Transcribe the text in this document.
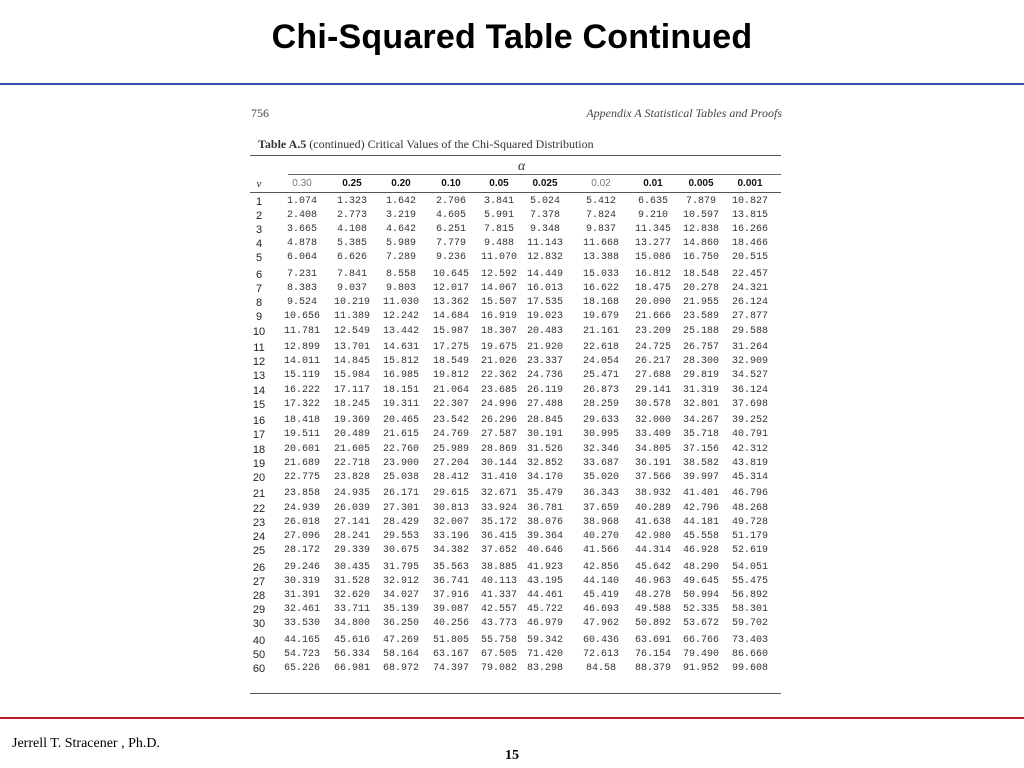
Chi-Squared Table Continued
756	Appendix A Statistical Tables and Proofs
Table A.5 (continued) Critical Values of the Chi-Squared Distribution
α
v	0.30	0.25	0.20	0.10	0.05	0.025	0.02	0.01	0.005	0.001
1	1.074	1.323	1.642	2.706	3.841	5.024	5.412	6.635	7.879	10.827
2	2.408	2.773	3.219	4.605	5.991	7.378	7.824	9.210	10.597	13.815
3	3.665	4.108	4.642	6.251	7.815	9.348	9.837	11.345	12.838	16.266
4	4.878	5.385	5.989	7.779	9.488	11.143	11.668	13.277	14.860	18.466
5	6.064	6.626	7.289	9.236	11.070 12.832	13.388	15.086	16.750	20.515
6	7.231	7.841	8.558	10.645	12.592 14.449	15.033	16.812	18.548	22.457
7	8.383	9.037	9.803	12.017	14.067 16.013	16.622	18.475	20.278	24.321
8	9.524	10.219	11.030	13.362	15.507 17.535	18.168	20.090	21.955	26.124
9	10.656	11.389	12.242	14.684	16.919 19.023	19.679	21.666	23.589	27.877
10	11.781	12.549	13.442	15.987	18.307 20.483	21.161	23.209	25.188	29.588
11	12.899	13.701	14.631	17.275	19.675 21.920	22.618	24.725	26.757	31.264
12	14.011	14.845	15.812	18.549	21.026 23.337	24.054	26.217	28.300	32.909
13	15.119	15.984	16.985	19.812	22.362 24.736	25.471	27.688	29.819	34.527
14	16.222	17.117	18.151	21.064	23.685 26.119	26.873	29.141	31.319	36.124
15	17.322	18.245	19.311	22.307	24.996 27.488	28.259	30.578	32.801	37.698
16	18.418	19.369	20.465	23.542	26.296 28.845	29.633	32.000	34.267	39.252
17	19.511	20.489	21.615	24.769	27.587 30.191	30.995	33.409	35.718	40.791
18	20.601	21.605	22.760	25.989	28.869 31.526	32.346	34.805	37.156	42.312
19	21.689	22.718	23.900	27.204	30.144 32.852	33.687	36.191	38.582	43.819
20	22.775	23.828	25.038	28.412	31.410 34.170	35.020	37.566	39.997	45.314
21	23.858	24.935	26.171	29.615	32.671 35.479	36.343	38.932	41.401	46.796
22	24.939	26.039	27.301	30.813	33.924 36.781	37.659	40.289	42.796	48.268
23	26.018	27.141	28.429	32.007	35.172 38.076	38.968	41.638	44.181	49.728
24	27.096	28.241	29.553	33.196	36.415 39.364	40.270	42.980	45.558	51.179
25	28.172	29.339	30.675	34.382	37.652 40.646	41.566	44.314	46.928	52.619
26	29.246	30.435	31.795	35.563	38.885 41.923	42.856	45.642	48.290	54.051
27	30.319	31.528	32.912	36.741	40.113 43.195	44.140	46.963	49.645	55.475
28	31.391	32.620	34.027	37.916	41.337 44.461	45.419	48.278	50.994	56.892
29	32.461	33.711	35.139	39.087	42.557 45.722	46.693	49.588	52.335	58.301
30	33.530	34.800	36.250	40.256	43.773 46.979	47.962	50.892	53.672	59.702
40	44.165	45.616	47.269	51.805	55.758 59.342	60.436	63.691	66.766	73.403
50	54.723	56.334	58.164	63.167	67.505 71.420	72.613	76.154	79.490	86.660
60	65.226	66.981	68.972	74.397	79.082 83.298	84.58	88.379	91.952	99.608
Jerrell T. Stracener , Ph.D.
15
